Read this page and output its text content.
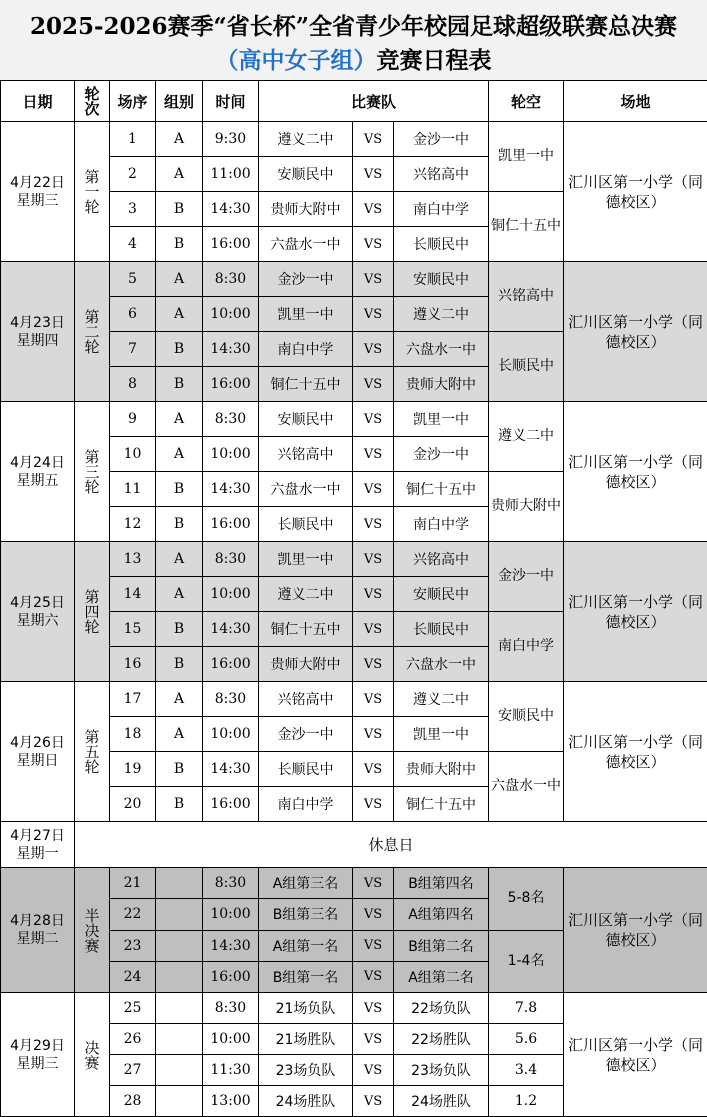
2025-2026赛季“省长杯”全省青少年校园足球超级联赛总决赛
（高中女子组）竞赛日程表
日期	轮次	场序	组别	时间	比赛队			轮空	场地
4月22日 星期三	第一轮	1	A	9:30	遵义二中	VS	金沙一中	凯里一中	汇川区第一小学（同德校区）
		2	A	11:00	安顺民中	VS	兴铭高中		
		3	B	14:30	贵师大附中	VS	南白中学	铜仁十五中	
		4	B	16:00	六盘水一中	VS	长顺民中		
4月23日 星期四	第二轮	5	A	8:30	金沙一中	VS	安顺民中	兴铭高中	汇川区第一小学（同德校区）
		6	A	10:00	凯里一中	VS	遵义二中		
		7	B	14:30	南白中学	VS	六盘水一中	长顺民中	
		8	B	16:00	铜仁十五中	VS	贵师大附中		
4月24日 星期五	第三轮	9	A	8:30	安顺民中	VS	凯里一中	遵义二中	汇川区第一小学（同德校区）
		10	A	10:00	兴铭高中	VS	金沙一中		
		11	B	14:30	六盘水一中	VS	铜仁十五中	贵师大附中	
		12	B	16:00	长顺民中	VS	南白中学		
4月25日 星期六	第四轮	13	A	8:30	凯里一中	VS	兴铭高中	金沙一中	汇川区第一小学（同德校区）
		14	A	10:00	遵义二中	VS	安顺民中		
		15	B	14:30	铜仁十五中	VS	长顺民中	南白中学	
		16	B	16:00	贵师大附中	VS	六盘水一中		
4月26日 星期日	第五轮	17	A	8:30	兴铭高中	VS	遵义二中	安顺民中	汇川区第一小学（同德校区）
		18	A	10:00	金沙一中	VS	凯里一中		
		19	B	14:30	长顺民中	VS	贵师大附中	六盘水一中	
		20	B	16:00	南白中学	VS	铜仁十五中		
4月27日 星期一	休息日								
4月28日 星期二	半决赛	21		8:30	A组第三名	VS	B组第四名	5-8名	汇川区第一小学（同德校区）
		22		10:00	B组第三名	VS	A组第四名		
		23		14:30	A组第一名	VS	B组第二名	1-4名	
		24		16:00	B组第一名	VS	A组第二名		
4月29日 星期三	决赛	25		8:30	21场负队	VS	22场负队	7.8	汇川区第一小学（同德校区）
		26		10:00	21场胜队	VS	22场胜队	5.6	
		27		11:30	23场负队	VS	23场负队	3.4	
		28		13:00	24场胜队	VS	24场胜队	1.2	
